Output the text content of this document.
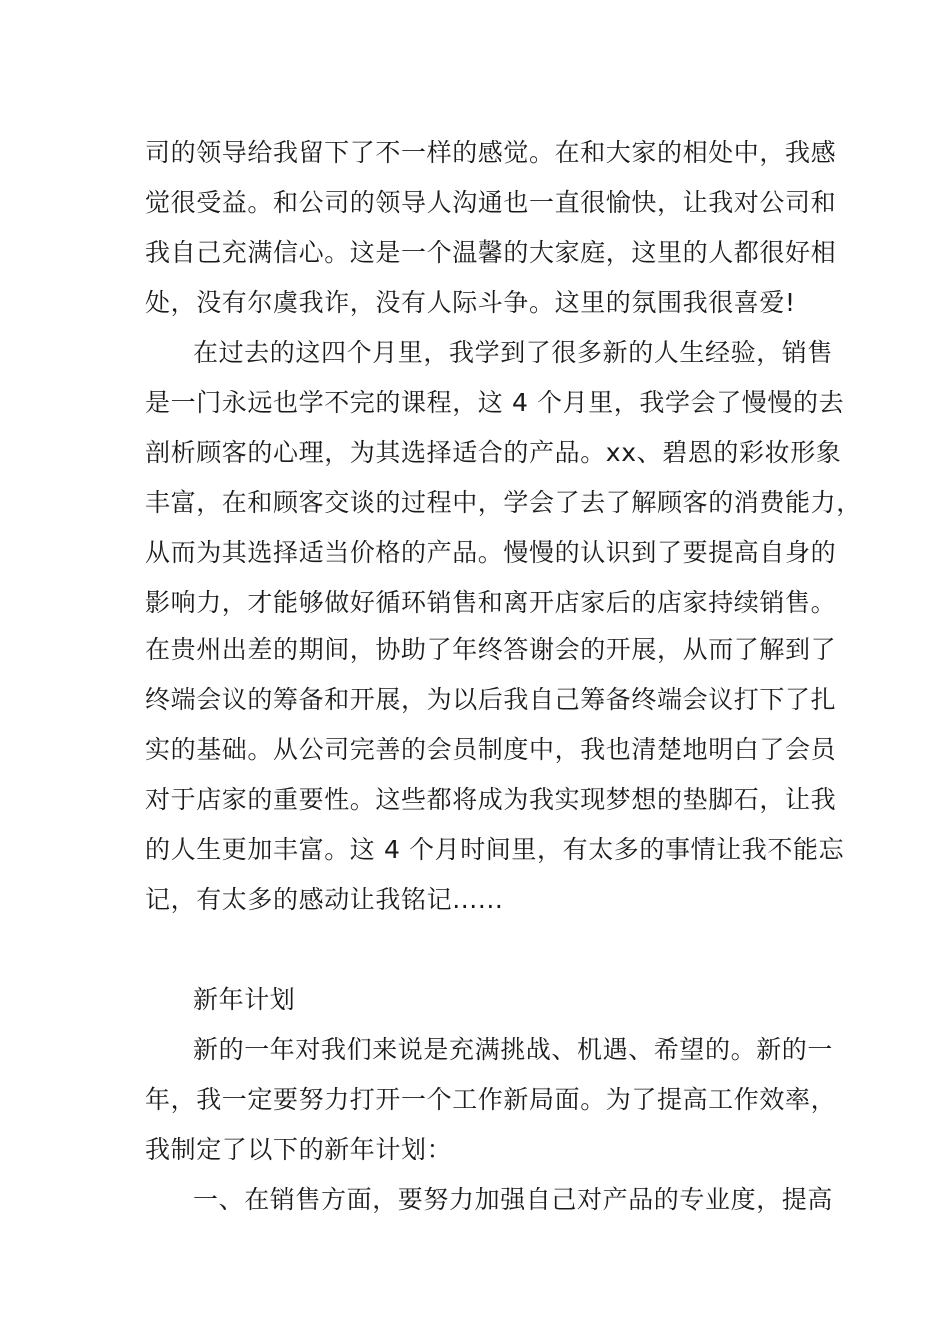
司的领导给我留下了不一样的感觉。在和大家的相处中，我感
觉很受益。和公司的领导人沟通也一直很愉快，让我对公司和
我自己充满信心。这是一个温馨的大家庭，这里的人都很好相
处，没有尔虞我诈，没有人际斗争。这里的氛围我很喜爱!
在过去的这四个月里，我学到了很多新的人生经验，销售
是一门永远也学不完的课程，这 4 个月里，我学会了慢慢的去
剖析顾客的心理，为其选择适合的产品。xx、碧恩的彩妆形象
丰富，在和顾客交谈的过程中，学会了去了解顾客的消费能力，
从而为其选择适当价格的产品。慢慢的认识到了要提高自身的
影响力，才能够做好循环销售和离开店家后的店家持续销售。
在贵州出差的期间，协助了年终答谢会的开展，从而了解到了
终端会议的筹备和开展，为以后我自己筹备终端会议打下了扎
实的基础。从公司完善的会员制度中，我也清楚地明白了会员
对于店家的重要性。这些都将成为我实现梦想的垫脚石，让我
的人生更加丰富。这 4 个月时间里，有太多的事情让我不能忘
记，有太多的感动让我铭记......
新年计划
新的一年对我们来说是充满挑战、机遇、希望的。新的一
年，我一定要努力打开一个工作新局面。为了提高工作效率，
我制定了以下的新年计划：
一、在销售方面，要努力加强自己对产品的专业度，提高
